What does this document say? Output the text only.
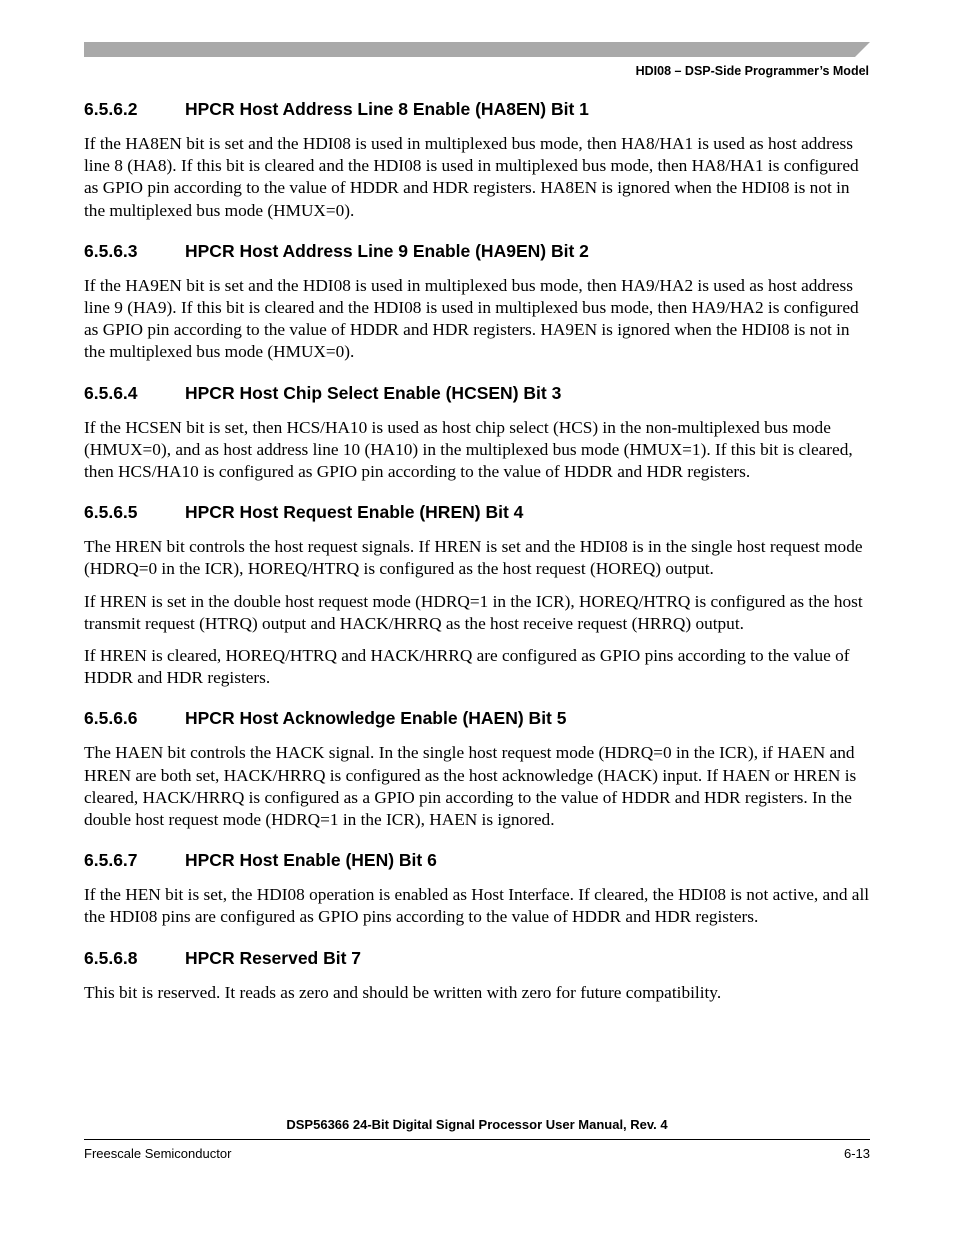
HDI08 – DSP-Side Programmer’s Model
6.5.6.2	HPCR Host Address Line 8 Enable (HA8EN) Bit 1

If the HA8EN bit is set and the HDI08 is used in multiplexed bus mode, then HA8/HA1 is used as host address line 8 (HA8). If this bit is cleared and the HDI08 is used in multiplexed bus mode, then HA8/HA1 is configured as GPIO pin according to the value of HDDR and HDR registers. HA8EN is ignored when the HDI08 is not in the multiplexed bus mode (HMUX=0).

6.5.6.3	HPCR Host Address Line 9 Enable (HA9EN) Bit 2

If the HA9EN bit is set and the HDI08 is used in multiplexed bus mode, then HA9/HA2 is used as host address line 9 (HA9). If this bit is cleared and the HDI08 is used in multiplexed bus mode, then HA9/HA2 is configured as GPIO pin according to the value of HDDR and HDR registers. HA9EN is ignored when the HDI08 is not in the multiplexed bus mode (HMUX=0).

6.5.6.4	HPCR Host Chip Select Enable (HCSEN) Bit 3

If the HCSEN bit is set, then HCS/HA10 is used as host chip select (HCS) in the non-multiplexed bus mode (HMUX=0), and as host address line 10 (HA10) in the multiplexed bus mode (HMUX=1). If this bit is cleared, then HCS/HA10 is configured as GPIO pin according to the value of HDDR and HDR registers.

6.5.6.5	HPCR Host Request Enable (HREN) Bit 4

The HREN bit controls the host request signals. If HREN is set and the HDI08 is in the single host request mode (HDRQ=0 in the ICR), HOREQ/HTRQ is configured as the host request (HOREQ) output.

If HREN is set in the double host request mode (HDRQ=1 in the ICR), HOREQ/HTRQ is configured as the host transmit request (HTRQ) output and HACK/HRRQ as the host receive request (HRRQ) output.

If HREN is cleared, HOREQ/HTRQ and HACK/HRRQ are configured as GPIO pins according to the value of HDDR and HDR registers.

6.5.6.6	HPCR Host Acknowledge Enable (HAEN) Bit 5

The HAEN bit controls the HACK signal. In the single host request mode (HDRQ=0 in the ICR), if HAEN and HREN are both set, HACK/HRRQ is configured as the host acknowledge (HACK) input. If HAEN or HREN is cleared, HACK/HRRQ is configured as a GPIO pin according to the value of HDDR and HDR registers. In the double host request mode (HDRQ=1 in the ICR), HAEN is ignored.

6.5.6.7	HPCR Host Enable (HEN) Bit 6

If the HEN bit is set, the HDI08 operation is enabled as Host Interface. If cleared, the HDI08 is not active, and all the HDI08 pins are configured as GPIO pins according to the value of HDDR and HDR registers.

6.5.6.8	HPCR Reserved Bit 7

This bit is reserved. It reads as zero and should be written with zero for future compatibility.

DSP56366 24-Bit Digital Signal Processor User Manual, Rev. 4
Freescale Semiconductor	6-13
